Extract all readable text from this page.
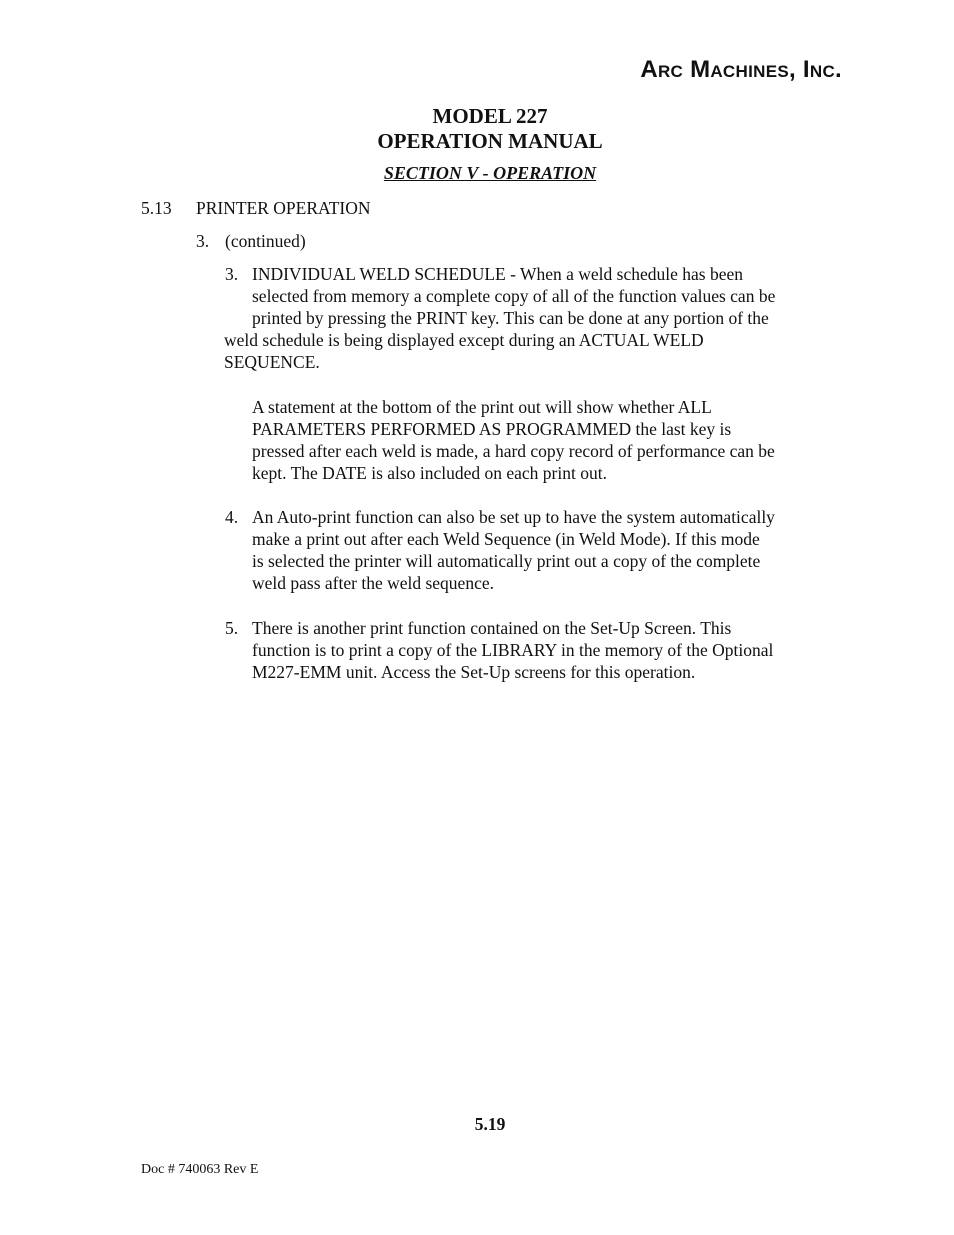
Arc Machines, Inc.
MODEL 227
OPERATION MANUAL
SECTION V - OPERATION
5.13 PRINTER OPERATION
3. (continued)
3. INDIVIDUAL WELD SCHEDULE - When a weld schedule has been
selected from memory a complete copy of all of the function values can be
printed by pressing the PRINT key. This can be done at any portion of the
weld schedule is being displayed except during an ACTUAL WELD
SEQUENCE.
A statement at the bottom of the print out will show whether ALL
PARAMETERS PERFORMED AS PROGRAMMED the last key is
pressed after each weld is made, a hard copy record of performance can be
kept. The DATE is also included on each print out.
4. An Auto-print function can also be set up to have the system automatically
make a print out after each Weld Sequence (in Weld Mode). If this mode
is selected the printer will automatically print out a copy of the complete
weld pass after the weld sequence.
5. There is another print function contained on the Set-Up Screen. This
function is to print a copy of the LIBRARY in the memory of the Optional
M227-EMM unit. Access the Set-Up screens for this operation.
5.19
Doc # 740063 Rev E
